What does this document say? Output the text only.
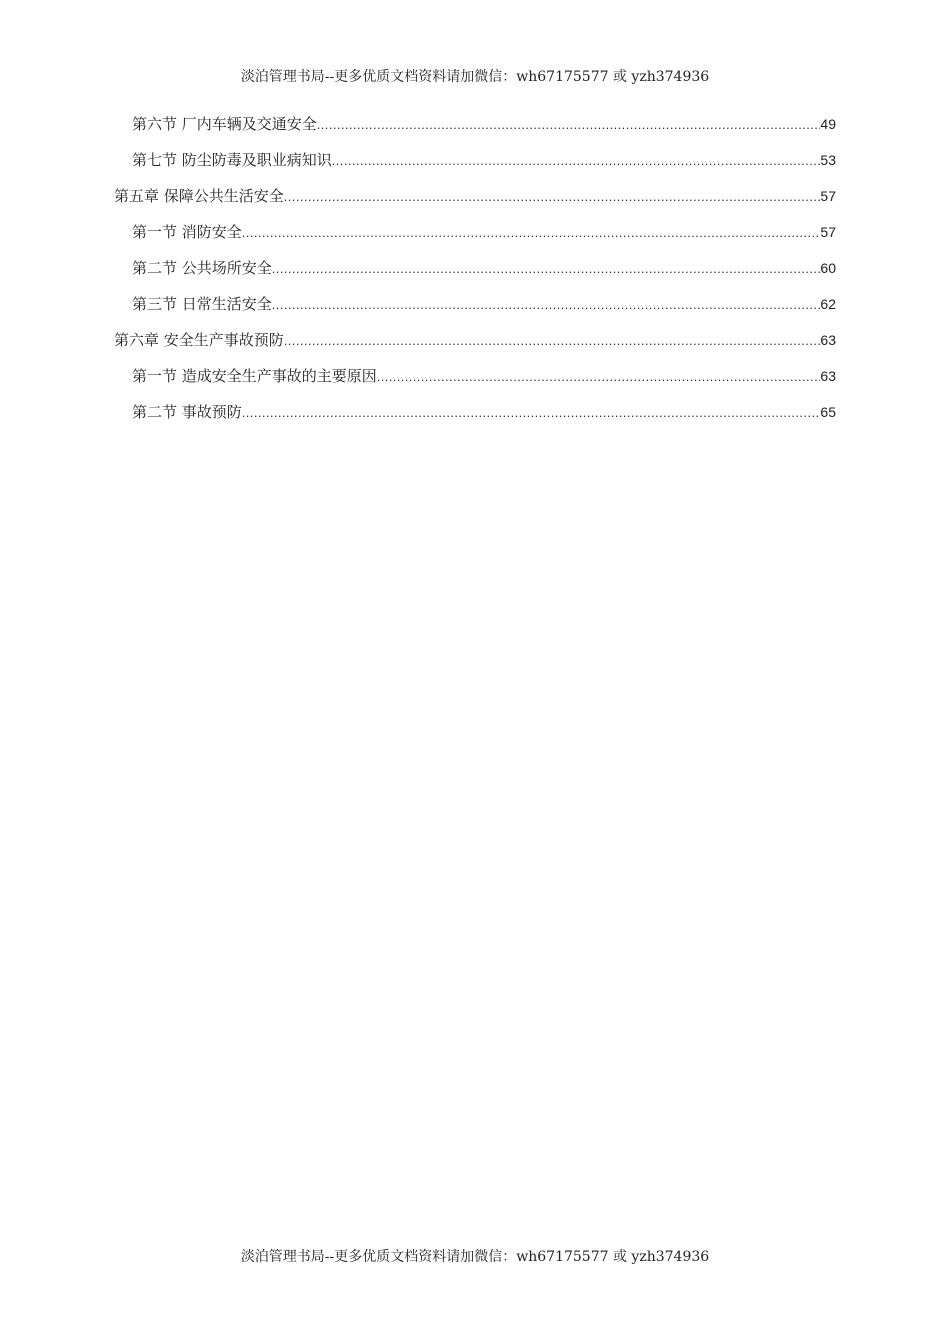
淡泊管理书局--更多优质文档资料请加微信：wh67175577 或 yzh374936
第六节 厂内车辆及交通安全 .....	49
第七节 防尘防毒及职业病知识 .....	53
第五章 保障公共生活安全 .....	57
第一节 消防安全 .....	57
第二节 公共场所安全 .....	60
第三节 日常生活安全 .....	62
第六章 安全生产事故预防 .....	63
第一节 造成安全生产事故的主要原因 .....	63
第二节 事故预防 .....	65
淡泊管理书局--更多优质文档资料请加微信：wh67175577 或 yzh374936
